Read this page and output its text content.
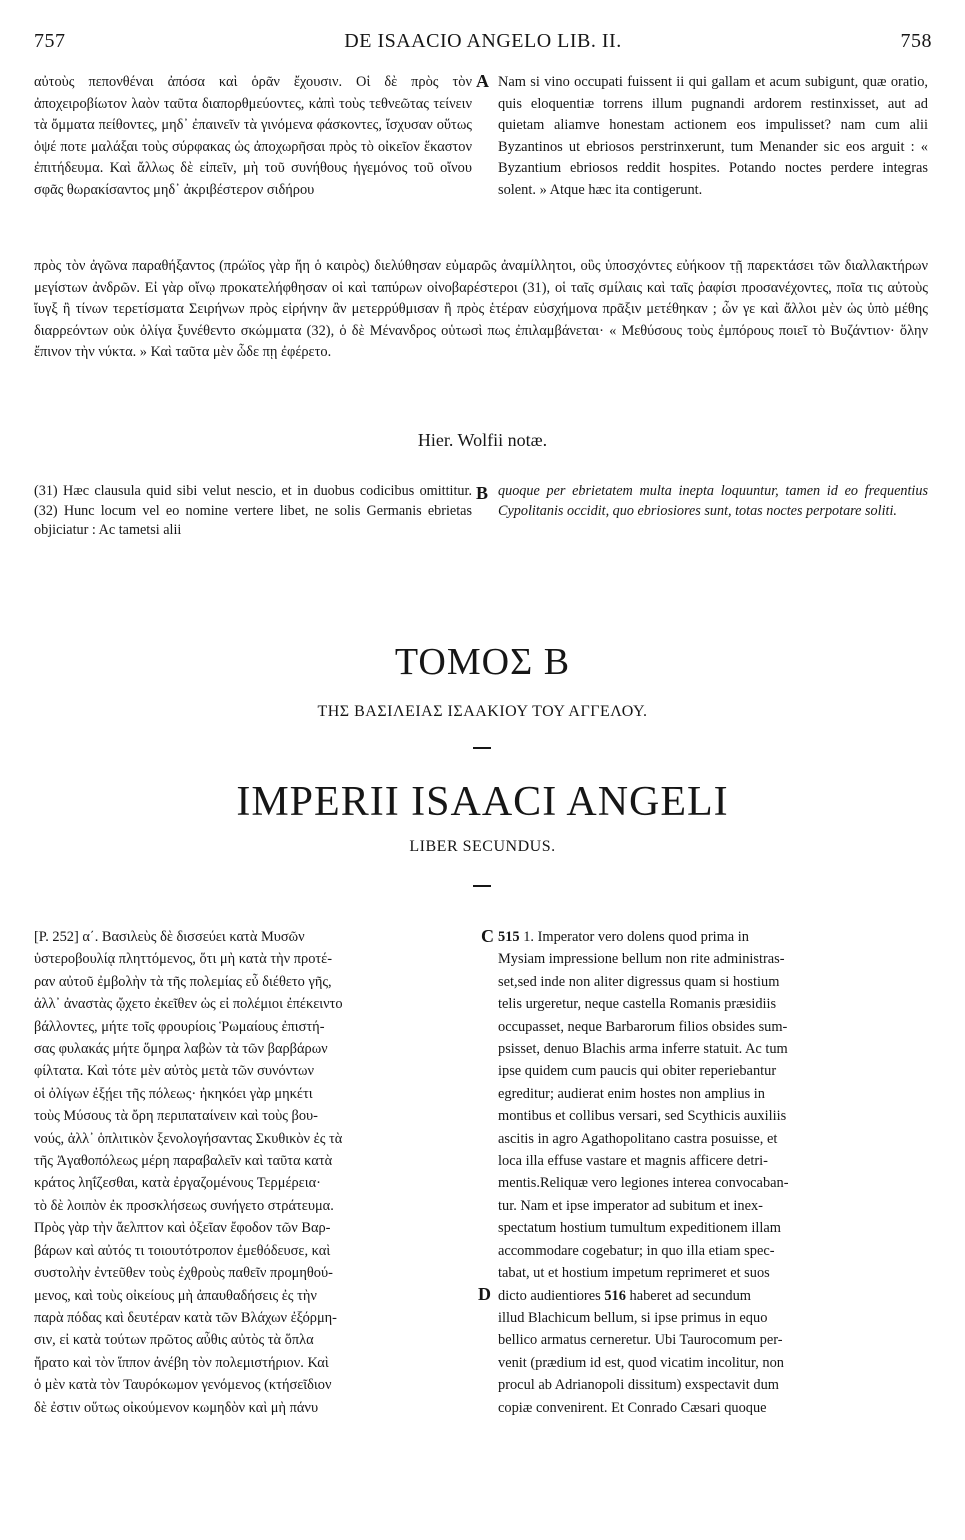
757	DE ISAACIO ANGELO LIB. II.	758

αὐτοὺς πεπονθέναι ἀπόσα καὶ ὁρᾶν ἔχουσιν. Οἱ δὲ πρὸς τὸν ἀποχειροβίωτον λαὸν ταῦτα διαπορθμεύοντες, κἀπὶ τοὺς τεθνεῶτας τείνειν τὰ ὄμματα πείθοντες, μηδ᾽ ἐπαινεῖν τὰ γινόμενα φάσκοντες, ἴσχυσαν οὕτως ὀψέ ποτε μαλάξαι τοὺς σύρφακας ὡς ἀποχωρῆσαι πρὸς τὸ οἰκεῖον ἕκαστον ἐπιτήδευμα. Καὶ ἄλλως δὲ εἰπεῖν, μὴ τοῦ συνήθους ἡγεμόνος τοῦ οἴνου σφᾶς θωρακίσαντος μηδ᾽ ἀκριβέστερον σιδήρου

A Nam si vino occupati fuissent ii qui gallam et acum subigunt, quæ oratio, quis eloquentiæ torrens illum pugnandi ardorem restinxisset, aut ad quietam aliamve honestam actionem eos impulisset? nam cum alii Byzantinos ut ebriosos perstrinxerunt, tum Menander sic eos arguit : « Byzantium ebriosos reddit hospites. Potando noctes perdere integras solent. » Atque hæc ita contigerunt.

πρὸς τὸν ἀγῶνα παραθήξαντος (πρώϊος γὰρ ἤη ὁ καιρὸς) διελύθησαν εὐμαρῶς ἀναμίλλητοι, οὓς ὑποσχόντες εὐήκοον τῇ παρεκτάσει τῶν διαλλακτήρων μεγίστων ἀνδρῶν. Εἰ γὰρ οἴνῳ προκατελήφθησαν οἱ καὶ ταπύρων οἰνοβαρέστεροι (31), οἱ ταῖς σμίλαις καὶ ταῖς ῥαφίσι προσανέχοντες, ποῖα τις αὐτοὺς ἴυγξ ἢ τίνων τερετίσματα Σειρήνων πρὸς εἰρήνην ἂν μετερρύθμισαν ἢ πρὸς ἑτέραν εὐσχήμονα πρᾶξιν μετέθηκαν ; ὧν γε καὶ ἄλλοι μὲν ὡς ὑπὸ μέθης διαρρεόντων οὐκ ὀλίγα ξυνέθεντο σκώμματα (32), ὁ δὲ Μένανδρος οὑτωσὶ πως ἐπιλαμβάνεται· « Μεθύσους τοὺς ἐμπόρους ποιεῖ τὸ Βυζάντιον· ὅλην ἔπινον τὴν νύκτα. » Καὶ ταῦτα μὲν ὧδε πῃ ἐφέρετο.

Hier. Wolfii notæ.

(31) Hæc clausula quid sibi velut nescio, et in duobus codicibus omittitur. (32) Hunc locum vel eo nomine vertere libet, ne solis Germanis ebrietas objiciatur : Ac tametsi alii

B quoque per ebrietatem multa inepta loquuntur, tamen id eo frequentius Cypolitanis occidit, quo ebriosiores sunt, totas noctes perpotare soliti.

ΤΟΜΟΣ Β
ΤΗΣ ΒΑΣΙΛΕΙΑΣ ΙΣΑΑΚΙΟΥ ΤΟΥ ΑΓΓΕΛΟΥ.
IMPERII ISAACI ANGELI
LIBER SECUNDUS.
[P. 252] α΄. Βασιλεὺς δὲ δισσεύει κατὰ Μυσῶν
ὑστεροβουλίᾳ πληττόμενος, ὅτι μὴ κατὰ τὴν προτέ-
ραν αὐτοῦ ἐμβολὴν τὰ τῆς πολεμίας εὖ διέθετο γῆς,
ἀλλ᾽ ἀναστὰς ᾤχετο ἐκεῖθεν ὡς εἰ πολέμιοι ἐπέκειντο
βάλλοντες, μήτε τοῖς φρουρίοις Ῥωμαίους ἐπιστή-
σας φυλακάς μήτε ὅμηρα λαβὼν τὰ τῶν βαρβάρων
φίλτατα. Καὶ τότε μὲν αὐτὸς μετὰ τῶν συνόντων
οἱ ὀλίγων ἐξῄει τῆς πόλεως· ἠκηκόει γὰρ μηκέτι
τοὺς Μύσους τὰ ὄρη περιπαταίνειν καὶ τοὺς βου-
νούς, ἀλλ᾽ ὁπλιτικὸν ξενολογήσαντας Σκυθικὸν ἐς τὰ
τῆς Ἀγαθοπόλεως μέρη παραβαλεῖν καὶ ταῦτα κατὰ
κράτος ληΐζεσθαι, κατὰ ἐργαζομένους Τερμέρεια·
τὸ δὲ λοιπὸν ἐκ προσκλήσεως συνήγετο στράτευμα.
Πρὸς γὰρ τὴν ἄελπτον καὶ ὀξεῖαν ἔφοδον τῶν Βαρ-
βάρων καὶ αὐτός τι τοιουτότροπον ἐμεθόδευσε, καὶ
συστολὴν ἐντεῦθεν τοὺς ἐχθροὺς παθεῖν προμηθού-
μενος, καὶ τοὺς οἰκείους μὴ ἀπαυθαδήσεις ἐς τὴν
παρὰ πόδας καὶ δευτέραν κατὰ τῶν Βλάχων ἐξόρμη-
σιν, εἰ κατὰ τούτων πρῶτος αὖθις αὐτὸς τὰ ὅπλα
ἤρατο καὶ τὸν ἵππον ἀνέβη τὸν πολεμιστήριον. Καὶ
ὁ μὲν κατὰ τὸν Ταυρόκωμον γενόμενος (κτήσεῖδιον
δὲ ἐστιν οὕτως οἰκούμενον κωμηδὸν καὶ μὴ πάνυ
C
D
515 1. Imperator vero dolens quod prima in
Mysiam impressione bellum non rite administras-
set,sed inde non aliter digressus quam si hostium
telis urgeretur, neque castella Romanis præsidiis
occupasset, neque Barbarorum filios obsides sum-
psisset, denuo Blachis arma inferre statuit. Ac tum
ipse quidem cum paucis qui obiter reperiebantur
egreditur; audierat enim hostes non amplius in
montibus et collibus versari, sed Scythicis auxiliis
ascitis in agro Agathopolitano castra posuisse, et
loca illa effuse vastare et magnis afficere detri-
mentis.Reliquæ vero legiones interea convocaban-
tur. Nam et ipse imperator ad subitum et inex-
spectatum hostium tumultum expeditionem illam
accommodare cogebatur; in quo illa etiam spec-
tabat, ut et hostium impetum reprimeret et suos
dicto audientiores 516 haberet ad secundum
illud Blachicum bellum, si ipse primus in equo
bellico armatus cerneretur. Ubi Taurocomum per-
venit (prædium id est, quod vicatim incolitur, non
procul ab Adrianopoli dissitum) exspectavit dum
copiæ convenirent. Et Conrado Cæsari quoque
